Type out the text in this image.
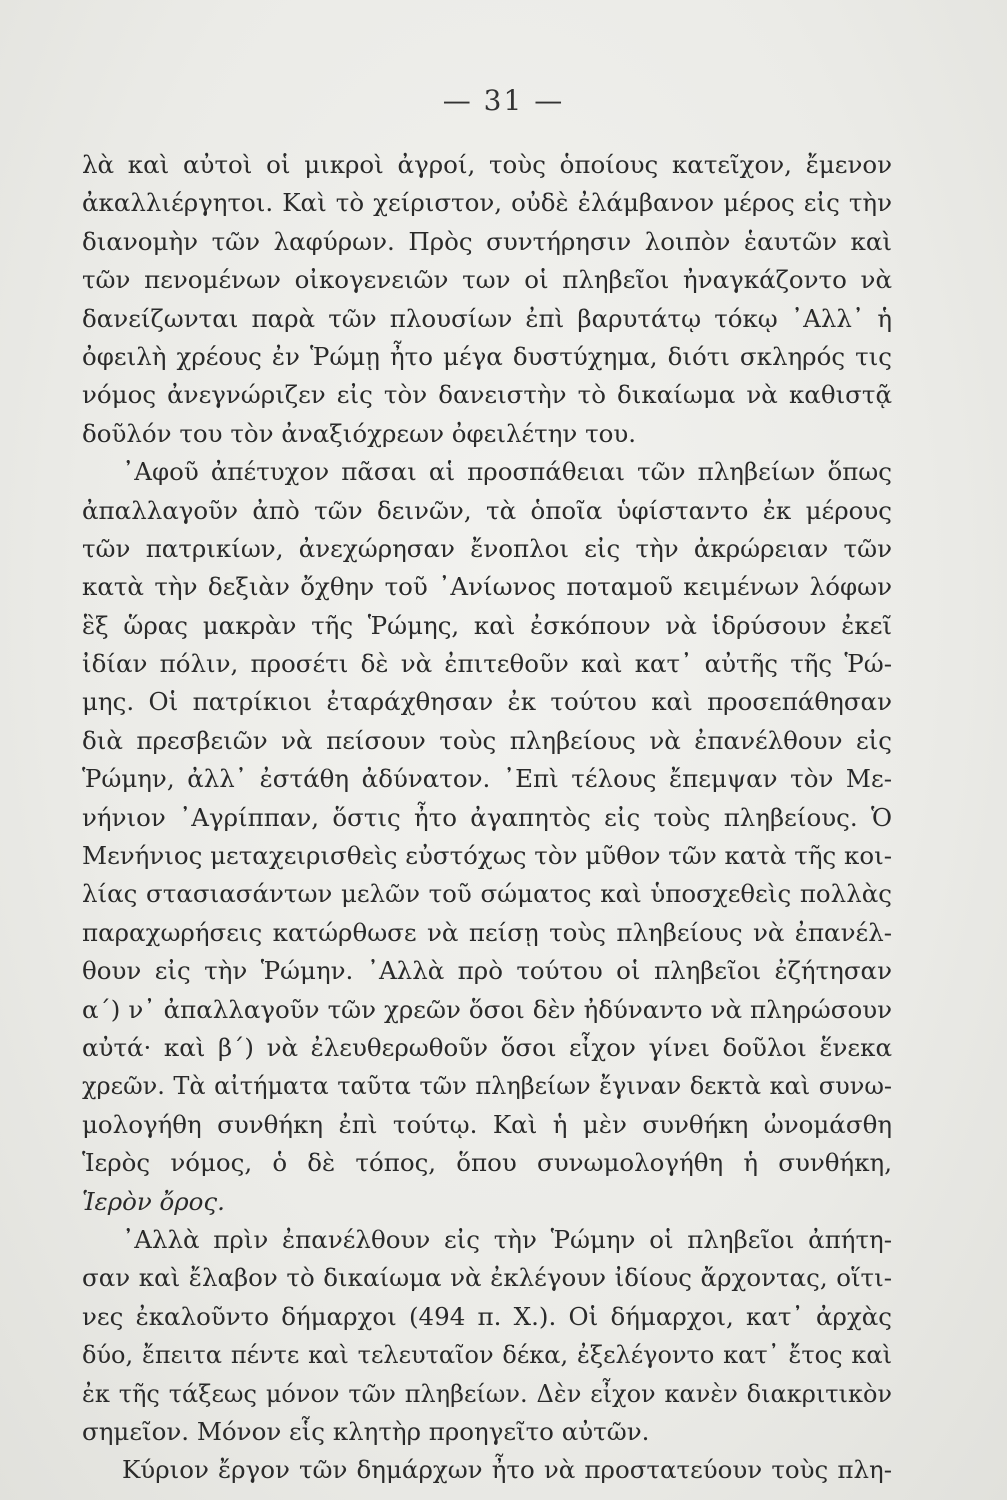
— 31 —
λὰ καὶ αὐτοὶ οἱ μικροὶ ἀγροί, τοὺς ὁποίους κατεῖχον, ἔμενον
ἀκαλλιέργητοι. Καὶ τὸ χείριστον, οὐδὲ ἐλάμβανον μέρος εἰς τὴν
διανομὴν τῶν λαφύρων. Πρὸς συντήρησιν λοιπὸν ἑαυτῶν καὶ
τῶν πενομένων οἰκογενειῶν των οἱ πληβεῖοι ἠναγκάζοντο νὰ
δανείζωνται παρὰ τῶν πλουσίων ἐπὶ βαρυτάτῳ τόκῳ ᾿Αλλ᾿ ἡ
ὀφειλὴ χρέους ἐν Ῥώμῃ ἦτο μέγα δυστύχημα, διότι σκληρός τις
νόμος ἀνεγνώριζεν εἰς τὸν δανειστὴν τὸ δικαίωμα νὰ καθιστᾷ
δοῦλόν του τὸν ἀναξιόχρεων ὀφειλέτην του.
᾿Αφοῦ ἀπέτυχον πᾶσαι αἱ προσπάθειαι τῶν πληβείων ὅπως
ἀπαλλαγοῦν ἀπὸ τῶν δεινῶν, τὰ ὁποῖα ὑφίσταντο ἐκ μέρους
τῶν πατρικίων, ἀνεχώρησαν ἔνοπλοι εἰς τὴν ἀκρώρειαν τῶν
κατὰ τὴν δεξιὰν ὄχθην τοῦ ᾿Ανίωνος ποταμοῦ κειμένων λόφων
ἓξ ὥρας μακρὰν τῆς Ῥώμης, καὶ ἐσκόπουν νὰ ἱδρύσουν ἐκεῖ
ἰδίαν πόλιν, προσέτι δὲ νὰ ἐπιτεθοῦν καὶ κατ᾿ αὐτῆς τῆς Ῥώ-
μης. Οἱ πατρίκιοι ἐταράχθησαν ἐκ τούτου καὶ προσεπάθησαν
διὰ πρεσβειῶν νὰ πείσουν τοὺς πληβείους νὰ ἐπανέλθουν εἰς
Ῥώμην, ἀλλ᾿ ἐστάθη ἀδύνατον. ᾿Επὶ τέλους ἔπεμψαν τὸν Με-
νήνιον ᾿Αγρίππαν, ὅστις ἦτο ἀγαπητὸς εἰς τοὺς πληβείους. Ὁ
Μενήνιος μεταχειρισθεὶς εὐστόχως τὸν μῦθον τῶν κατὰ τῆς κοι-
λίας στασιασάντων μελῶν τοῦ σώματος καὶ ὑποσχεθεὶς πολλὰς
παραχωρήσεις κατώρθωσε νὰ πείσῃ τοὺς πληβείους νὰ ἐπανέλ-
θουν εἰς τὴν Ῥώμην. ᾿Αλλὰ πρὸ τούτου οἱ πληβεῖοι ἐζήτησαν
α΄) ν᾿ ἀπαλλαγοῦν τῶν χρεῶν ὅσοι δὲν ἠδύναντο νὰ πληρώσουν
αὐτά· καὶ β΄) νὰ ἐλευθερωθοῦν ὅσοι εἶχον γίνει δοῦλοι ἕνεκα
χρεῶν. Τὰ αἰτήματα ταῦτα τῶν πληβείων ἔγιναν δεκτὰ καὶ συνω-
μολογήθη συνθήκη ἐπὶ τούτῳ. Καὶ ἡ μὲν συνθήκη ὠνομάσθη
Ἱερὸς νόμος, ὁ δὲ τόπος, ὅπου συνωμολογήθη ἡ συνθήκη,
Ἱερὸν ὄρος.
᾿Αλλὰ πρὶν ἐπανέλθουν εἰς τὴν Ῥώμην οἱ πληβεῖοι ἀπήτη-
σαν καὶ ἔλαβον τὸ δικαίωμα νὰ ἐκλέγουν ἰδίους ἄρχοντας, οἵτι-
νες ἐκαλοῦντο δήμαρχοι (494 π. Χ.). Οἱ δήμαρχοι, κατ᾿ ἀρχὰς
δύο, ἔπειτα πέντε καὶ τελευταῖον δέκα, ἐξελέγοντο κατ᾿ ἔτος καὶ
ἐκ τῆς τάξεως μόνον τῶν πληβείων. Δὲν εἶχον κανὲν διακριτικὸν
σημεῖον. Μόνον εἷς κλητὴρ προηγεῖτο αὐτῶν.
Κύριον ἔργον τῶν δημάρχων ἦτο νὰ προστατεύουν τοὺς πλη-
